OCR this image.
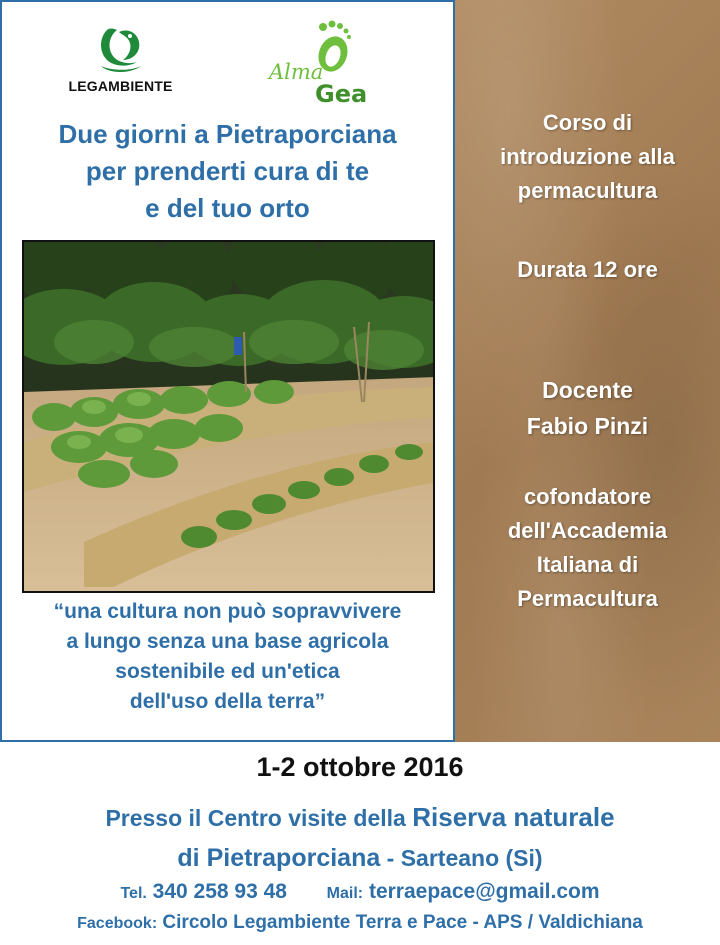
LEGAMBIENTE
Alma
Gea
Due giorni a Pietraporciana
per prenderti cura di te
e del tuo orto
“una cultura non può sopravvivere
a lungo senza una base agricola
sostenibile ed un'etica
dell'uso della terra”
Corso di
introduzione alla
permacultura
Durata 12 ore
Docente
Fabio Pinzi
cofondatore
dell'Accademia
Italiana di
Permacultura
1-2 ottobre 2016
Presso il Centro visite della Riserva naturale
di Pietraporciana - Sarteano (Si)
Tel. 340 258 93 48 Mail: terraepace@gmail.com
Facebook: Circolo Legambiente Terra e Pace - APS / Valdichiana
